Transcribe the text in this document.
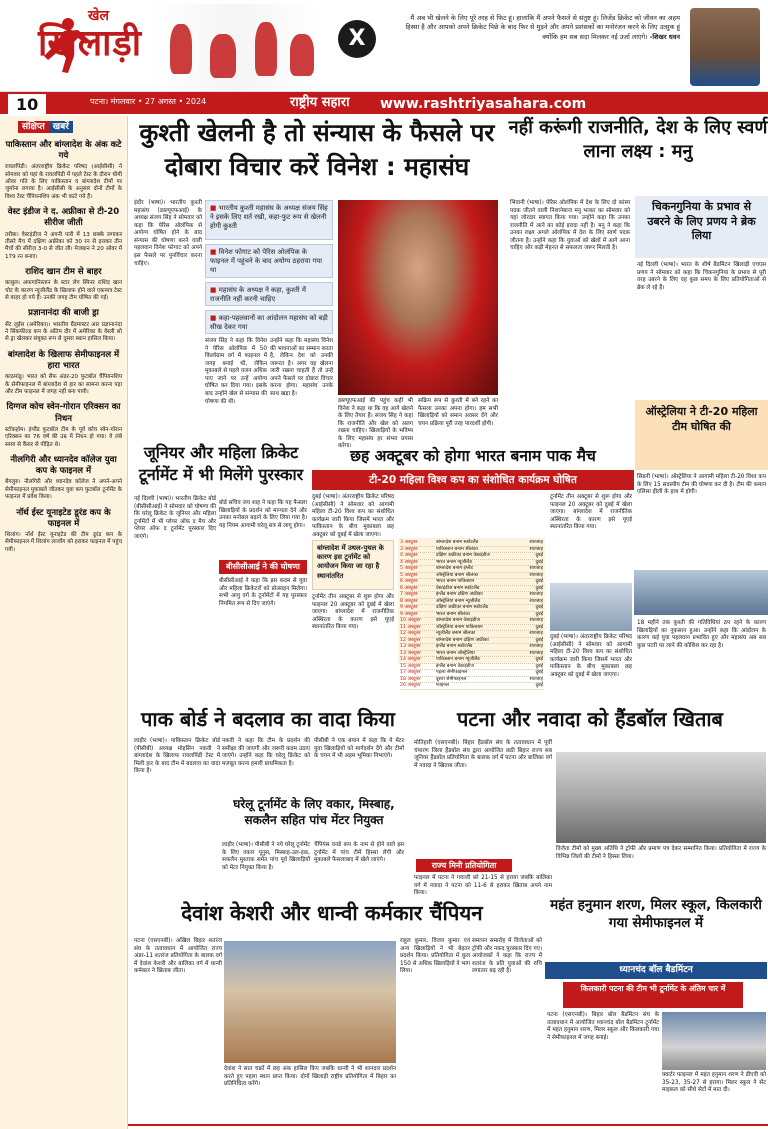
खेल
खिलाड़ी	X
मैं अब भी खेलने के लिए पूरे तरह से फिट हूं। हालांकि मैं अपने फैसले से संतुष्ट हूं। लिजेंड क्रिकेट को जीवन का अहम हिस्सा है और आपको अपने क्रिकेट पिछे के बाद फिर से मुड़ने और अपने प्रशंसकों का मनोरंजन करने के लिए उत्सुक हूं क्योंकि हम सब सदा मिलकर नई उर्जा लाएंगे। -शिखर धवन
10	पटना। मंगलवार • 27 अगस्त • 2024	राष्ट्रीय सहारा www.rashtriyasahara.com
संक्षिप्त खबरें
पाकिस्तान और बांग्लादेश के अंक कटे गये
रावलपिंडी। अंतरराष्ट्रीय क्रिकेट परिषद (आईसीसी) ने सोमवार को यहां के रावलपिंडी में पहले टेस्ट के दौरान धीमी ओवर गति के लिए पाकिस्तान व बांग्लादेश टीमों पर जुर्माना लगाया है। आईसीसी के अनुसार दोनों टीमों के विश्व टेस्ट चैंपियनशिप अंक भी काटे गये हैं।
वेस्ट इंडीज ने द. अफ्रीका से टी-20 सीरीज जीती
तरौबा। वेस्टइंडीज ने अपनी पारी में 13 छक्के लगाकर तीसरे मैच में दक्षिण अफ्रीका को 30 रन से हराकर तीन मैचों की सीरीज़ 3-0 से जीत ली। मेजबान ने 20 ओवर में 179 रन बनाए।
राशिद खान टीम से बाहर
काबुल। अफगानिस्तान के स्टार लेग स्पिनर राशिद खान चोट के कारण न्यूजीलैंड के खिलाफ होने वाले एकमात्र टेस्ट से बाहर हो गये हैं। उनकी जगह टीम घोषित की गई।
प्रज्ञानानंदा की बाजी ड्रा
सेंट लुईस (अमेरिका)। भारतीय ग्रैंडमास्टर आर प्रज्ञानानंदा ने सिंकफील्ड कप के अंतिम दौर में अमेरिका के वेस्ली सो से ड्रा खेलकर संयुक्त रूप से दूसरा स्थान हासिल किया।
बांग्लादेश के खिलाफ सेमीफाइनल में हारा भारत
काठमांडू। भारत को सैफ अंडर-20 फुटबॉल चैंपियनशिप के सेमीफाइनल में बांग्लादेश से हार का सामना करना पड़ा और टीम फाइनल में जगह नहीं बना पायी।
दिग्गज कोच स्वेन-गोरान एरिक्सन का निधन
स्टॉकहोम। इंग्लैंड फुटबॉल टीम के पूर्व कोच स्वेन-गोरान एरिक्सन का 76 वर्ष की उम्र में निधन हो गया। वे लंबे समय से कैंसर से पीड़ित थे।
नीलगिरी और ध्यानदेव कॉलेज युवा कप के फाइनल में
बेंगलुरु। नीलगिरी और ध्यानदेव कॉलेज ने अपने-अपने सेमीफाइनल मुकाबले जीतकर युवा कप फुटबॉल टूर्नामेंट के फाइनल में प्रवेश किया।
नॉर्थ ईस्ट यूनाइटेड डूरंड कप के फाइनल में
शिलांग। नॉर्थ ईस्ट यूनाइटेड की टीम डूरंड कप के सेमीफाइनल में शिलांग लाजोंग को हराकर फाइनल में पहुंच गयी।
कुश्ती खेलनी है तो संन्यास के फैसले पर दोबारा विचार करें विनेश : महासंघ
इंदौर (भाषा)। भारतीय कुश्ती महासंघ (डब्ल्यूएफआई) के अध्यक्ष संजय सिंह ने सोमवार को कहा कि पेरिस ओलंपिक से अयोग्य घोषित होने के बाद संन्यास की घोषणा करने वाली पहलवान विनेश फोगाट को अपने इस फैसले पर पुनर्विचार करना चाहिए।
■ भारतीय कुश्ती महासंघ के अध्यक्ष संजय सिंह ने इसके लिए शर्त रखी, कहा-फुट रूप से खेलनी होगी कुश्ती
■ विनेश फोगाट को पेरिस ओलंपिक के फाइनल में पहुंचने के बाद अयोग्य ठहराया गया था
■ महासंघ के अध्यक्ष ने कहा, कुश्ती में राजनीति नहीं करनी चाहिए
■ कहा-पहलवानों का आंदोलन महासंघ को बड़ी सीख देकर गया
संजय सिंह ने कहा कि विनेश ने पेरिस ओलंपिक में 50 किलोग्राम वर्ग में फाइनल में जगह बनाई थी, लेकिन मुकाबले से पहले वजन अधिक पाए जाने पर उन्हें अयोग्य घोषित कर दिया गया। इसके बाद उन्होंने खेल से संन्यास की घोषणा की थी।
उन्होंने कहा कि महासंघ विनेश की भावनाओं का सम्मान करता है, लेकिन देश को उनकी जरूरत है। अगर वह खेलना जारी रखना चाहती हैं तो उन्हें अपने फैसले पर दोबारा विचार करना होगा। महासंघ उनके साथ खड़ा है।
डब्ल्यूएफआई की पहुंच कहीं भी विनेश ने कहा था कि वह आगे खेलने के लिए तैयार हैं। संजय सिंह ने कहा कि राजनीति और खेल को अलग रखना चाहिए। खिलाड़ियों के भविष्य के लिए महासंघ हर संभव प्रयास करेगा।
सक्रिय रूप से कुश्ती में बने रहने का फैसला उनका अपना होगा। हम सभी खिलाड़ियों को समान अवसर देंगे और चयन प्रक्रिया पूरी तरह पारदर्शी होगी।
नहीं करूंगी राजनीति, देश के लिए स्वर्ण लाना लक्ष्य : मनु
भिवानी (भाषा)। पेरिस ओलंपिक में देश के लिए दो कांस्य पदक जीतने वाली निशानेबाज मनु भाकर का सोमवार को यहां जोरदार स्वागत किया गया। उन्होंने कहा कि उनका राजनीति में आने का कोई इरादा नहीं है। मनु ने कहा कि उनका लक्ष्य अगले ओलंपिक में देश के लिए स्वर्ण पदक जीतना है। उन्होंने कहा कि युवाओं को खेलों में आगे आना चाहिए और कड़ी मेहनत से सफलता जरूर मिलती है।
चिकनगुनिया के प्रभाव से उबरने के लिए प्रणय ने ब्रेक लिया
नई दिल्ली (भाषा)। भारत के शीर्ष बैडमिंटन खिलाड़ी एचएस प्रणय ने सोमवार को कहा कि चिकनगुनिया के प्रभाव से पूरी तरह उबरने के लिए वह कुछ समय के लिए प्रतियोगिताओं से ब्रेक ले रहे हैं।
ऑस्ट्रेलिया ने टी-20 महिला टीम घोषित की
सिडनी (भाषा)। ऑस्ट्रेलिया ने आगामी महिला टी-20 विश्व कप के लिए 15 सदस्यीय टीम की घोषणा कर दी है। टीम की कमान एलिसा हीली के हाथ में होगी।
18 महीने तक कुश्ती की गतिविधियां ठप रहने के कारण खिलाड़ियों का नुकसान हुआ। उन्होंने कहा कि आंदोलन के कारण कई युवा पहलवान प्रभावित हुए और महासंघ अब सब कुछ पटरी पर लाने की कोशिश कर रहा है।
जूनियर और महिला क्रिकेट टूर्नामेंट में भी मिलेंगे पुरस्कार
नई दिल्ली (भाषा)। भारतीय क्रिकेट बोर्ड (बीसीसीआई) ने सोमवार को घोषणा की कि घरेलू क्रिकेट के जूनियर और महिला टूर्नामेंटों में भी प्लेयर ऑफ द मैच और प्लेयर ऑफ द टूर्नामेंट पुरस्कार दिए जाएंगे।
बीसीसीआई ने की घोषणा
बोर्ड सचिव जय शाह ने कहा कि यह फैसला खिलाड़ियों के प्रदर्शन को मान्यता देने और उनका मनोबल बढ़ाने के लिए लिया गया है। यह नियम आगामी घरेलू सत्र से लागू होगा।
बीसीसीआई ने कहा कि इस कदम से युवा और महिला क्रिकेटरों को प्रोत्साहन मिलेगा। सभी आयु वर्ग के टूर्नामेंटों में यह पुरस्कार नियमित रूप से दिए जाएंगे।
छह अक्टूबर को होगा भारत बनाम पाक मैच
टी-20 महिला विश्व कप का संशोधित कार्यक्रम घोषित
दुबई (भाषा)। अंतरराष्ट्रीय क्रिकेट परिषद (आईसीसी) ने सोमवार को आगामी महिला टी-20 विश्व कप का संशोधित कार्यक्रम जारी किया जिसमें भारत और पाकिस्तान के बीच मुकाबला छह अक्टूबर को दुबई में खेला जाएगा।
बांग्लादेश में उथल-पुथल के कारण इस टूर्नामेंट को आयोजन किया जा रहा है स्थानांतरित
टूर्नामेंट तीन अक्टूबर से शुरू होगा और फाइनल 20 अक्टूबर को दुबई में खेला जाएगा। बांग्लादेश में राजनीतिक अस्थिरता के कारण इसे यूएई स्थानांतरित किया गया।
3 अक्टूबर	बांग्लादेश बनाम स्कॉटलैंड	शारजाह
3 अक्टूबर	पाकिस्तान बनाम श्रीलंका	शारजाह
4 अक्टूबर	दक्षिण अफ्रीका बनाम वेस्टइंडीज	दुबई
4 अक्टूबर	भारत बनाम न्यूजीलैंड	दुबई
5 अक्टूबर	बांग्लादेश बनाम इंग्लैंड	शारजाह
5 अक्टूबर	ऑस्ट्रेलिया बनाम श्रीलंका	शारजाह
6 अक्टूबर	भारत बनाम पाकिस्तान	दुबई
6 अक्टूबर	वेस्टइंडीज बनाम स्कॉटलैंड	दुबई
7 अक्टूबर	इंग्लैंड बनाम दक्षिण अफ्रीका	शारजाह
8 अक्टूबर	ऑस्ट्रेलिया बनाम न्यूजीलैंड	शारजाह
9 अक्टूबर	दक्षिण अफ्रीका बनाम स्कॉटलैंड	दुबई
9 अक्टूबर	भारत बनाम श्रीलंका	दुबई
10 अक्टूबर	बांग्लादेश बनाम वेस्टइंडीज	शारजाह
11 अक्टूबर	ऑस्ट्रेलिया बनाम पाकिस्तान	दुबई
12 अक्टूबर	न्यूजीलैंड बनाम श्रीलंका	शारजाह
12 अक्टूबर	बांग्लादेश बनाम दक्षिण अफ्रीका	दुबई
13 अक्टूबर	इंग्लैंड बनाम स्कॉटलैंड	शारजाह
13 अक्टूबर	भारत बनाम ऑस्ट्रेलिया	शारजाह
14 अक्टूबर	पाकिस्तान बनाम न्यूजीलैंड	दुबई
15 अक्टूबर	इंग्लैंड बनाम वेस्टइंडीज	दुबई
17 अक्टूबर	पहला सेमीफाइनल	दुबई
18 अक्टूबर	दूसरा सेमीफाइनल	शारजाह
20 अक्टूबर	फाइनल	दुबई
टूर्नामेंट तीन अक्टूबर से शुरू होगा और फाइनल 20 अक्टूबर को दुबई में खेला जाएगा। बांग्लादेश में राजनीतिक अस्थिरता के कारण इसे यूएई स्थानांतरित किया गया।
दुबई (भाषा)। अंतरराष्ट्रीय क्रिकेट परिषद (आईसीसी) ने सोमवार को आगामी महिला टी-20 विश्व कप का संशोधित कार्यक्रम जारी किया जिसमें भारत और पाकिस्तान के बीच मुकाबला छह अक्टूबर को दुबई में खेला जाएगा।
पाक बोर्ड ने बदलाव का वादा किया
लाहौर (भाषा)। पाकिस्तान क्रिकेट बोर्ड (पीसीबी) अध्यक्ष मोहसिन नकवी ने बांग्लादेश के खिलाफ रावलपिंडी टेस्ट में मिली हार के बाद टीम में बदलाव का वादा किया है।
नकवी ने कहा कि टीम के प्रदर्शन की समीक्षा की जाएगी और जरूरी कदम उठाए जाएंगे। उन्होंने कहा कि घरेलू क्रिकेट को मजबूत करना हमारी प्राथमिकता है।
घरेलू टूर्नामेंट के लिए वकार, मिस्बाह, सकलैन सहित पांच मेंटर नियुक्त
लाहौर (भाषा)। पीसीबी ने नये घरेलू टूर्नामेंट के लिए वकार यूनुस, मिस्बाह-उल-हक, सकलैन मुश्ताक समेत पांच पूर्व खिलाड़ियों को मेंटर नियुक्त किया है।
पीसीबी ने एक बयान में कहा कि ये मेंटर युवा खिलाड़ियों को मार्गदर्शन देंगे और टीमों के चयन में भी अहम भूमिका निभाएंगे।
चैंपियंस वनडे कप के नाम से होने वाले इस टूर्नामेंट में पांच टीमें हिस्सा लेंगी और मुकाबले फैसलाबाद में खेले जाएंगे।
पटना और नवादा को हैंडबॉल खिताब
मोतिहारी (एसएनबी)। बिहार हैंडबॉल संघ के तत्वावधान में पूर्वी चंपारण जिला हैंडबॉल संघ द्वारा आयोजित छठी बिहार राज्य सब जूनियर हैंडबॉल प्रतियोगिता के बालक वर्ग में पटना और बालिका वर्ग में नवादा ने खिताब जीता।
राज्य मिनी प्रतियोगिता
फाइनल में पटना ने गयाजी को 21-15 से हराया जबकि बालिका वर्ग में नवादा ने पटना को 11-6 से हराकर खिताब अपने नाम किया।
विजेता टीमों को मुख्य अतिथि ने ट्रॉफी और प्रमाण पत्र देकर सम्मानित किया। प्रतियोगिता में राज्य के विभिन्न जिलों की टीमों ने हिस्सा लिया।
देवांश केशरी और धान्वी कर्मकार चैंपियन
पटना (एसएनबी)। अखिल बिहार शतरंज संघ के तत्वावधान में आयोजित राज्य अंडर-11 शतरंज प्रतियोगिता के बालक वर्ग में देवांश केशरी और बालिका वर्ग में धान्वी कर्मकार ने खिताब जीता।
देवांश ने सात चक्रों में छह अंक हासिल किए जबकि धान्वी ने भी शानदार प्रदर्शन करते हुए पहला स्थान प्राप्त किया। दोनों खिलाड़ी राष्ट्रीय प्रतियोगिता में बिहार का प्रतिनिधित्व करेंगे।
राहुल कुमार, विजय कुमार एवं अन्य खिलाड़ियों ने भी बेहतर प्रदर्शन किया। प्रतियोगिता में कुल 150 से अधिक खिलाड़ियों ने भाग लिया।
समापन समारोह में विजेताओं को ट्रॉफी और नकद पुरस्कार दिए गए। आयोजकों ने कहा कि राज्य में शतरंज के प्रति युवाओं की रुचि लगातार बढ़ रही है।
महंत हनुमान शरण, मिलर स्कूल, किलकारी गया सेमीफाइनल में
ध्यानचंद बॉल बैडमिंटन
किलकारी पटना की टीम भी टूर्नामेंट के अंतिम चार में
पटना (एसएनबी)। बिहार बॉल बैडमिंटन संघ के तत्वावधान में आयोजित ध्यानचंद बॉल बैडमिंटन टूर्नामेंट में महंत हनुमान शरण, मिलर स्कूल और किलकारी गया ने सेमीफाइनल में जगह बनाई।
क्वार्टर फाइनल में महंत हनुमान शरण ने डीएवी को 35-23, 35-27 से हराया। मिलर स्कूल ने सेंट माइकल को सीधे सेटों में मात दी।
